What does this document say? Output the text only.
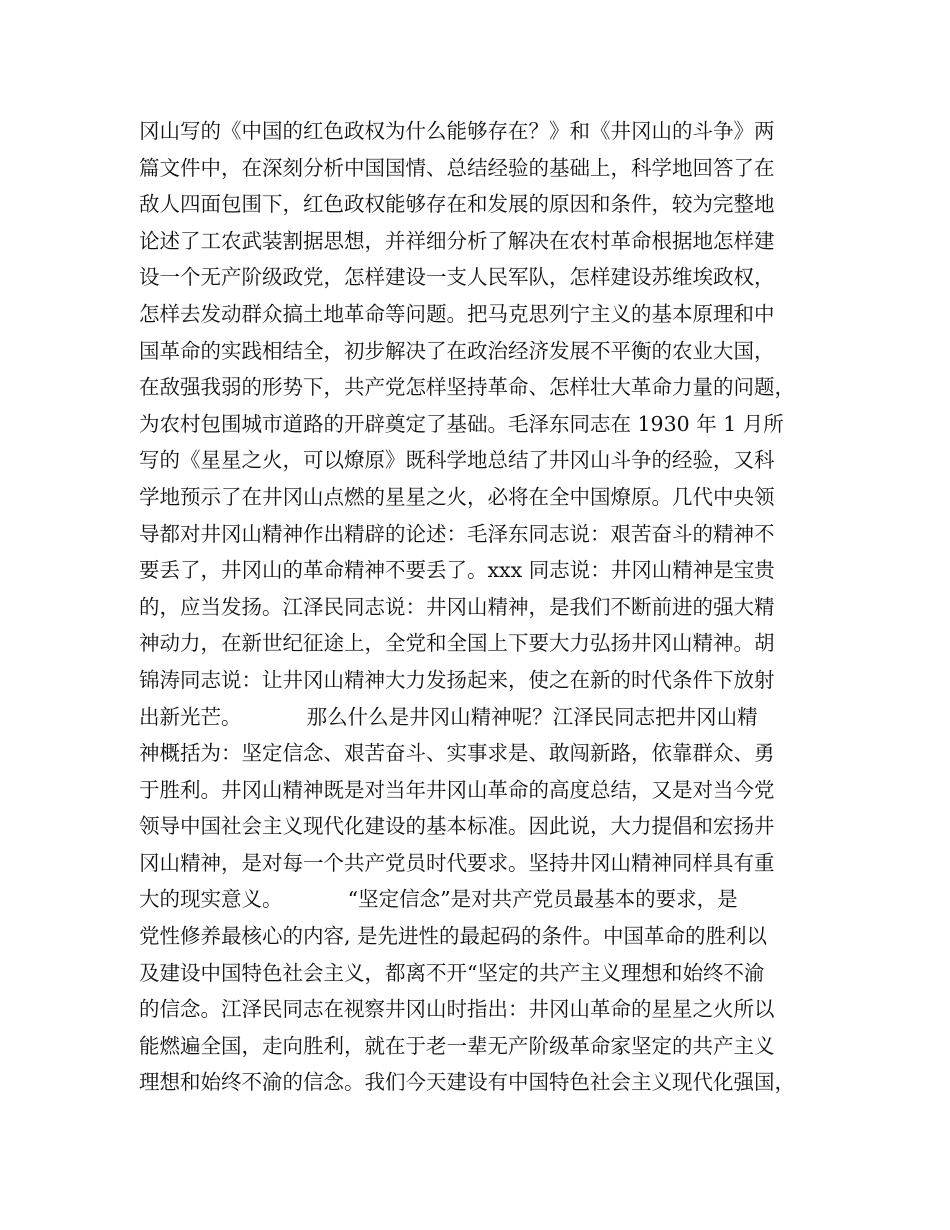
冈山写的《中国的红色政权为什么能够存在？》和《井冈山的斗争》两
篇文件中，在深刻分析中国国情、总结经验的基础上，科学地回答了在
敌人四面包围下，红色政权能够存在和发展的原因和条件，较为完整地
论述了工农武装割据思想，并祥细分析了解决在农村革命根据地怎样建
设一个无产阶级政党，怎样建设一支人民军队，怎样建设苏维埃政权，
怎样去发动群众搞土地革命等问题。把马克思列宁主义的基本原理和中
国革命的实践相结全，初步解决了在政治经济发展不平衡的农业大国，
在敌强我弱的形势下，共产党怎样坚持革命、怎样壮大革命力量的问题，
为农村包围城市道路的开辟奠定了基础。毛泽东同志在 1930 年 1 月所
写的《星星之火，可以燎原》既科学地总结了井冈山斗争的经验，又科
学地预示了在井冈山点燃的星星之火，必将在全中国燎原。几代中央领
导都对井冈山精神作出精辟的论述：毛泽东同志说：艰苦奋斗的精神不
要丢了，井冈山的革命精神不要丢了。xxx 同志说：井冈山精神是宝贵
的，应当发扬。江泽民同志说：井冈山精神，是我们不断前进的强大精
神动力，在新世纪征途上，全党和全国上下要大力弘扬井冈山精神。胡
锦涛同志说：让井冈山精神大力发扬起来，使之在新的时代条件下放射
出新光芒。          那么什么是井冈山精神呢？江泽民同志把井冈山精
神概括为：坚定信念、艰苦奋斗、实事求是、敢闯新路，依靠群众、勇
于胜利。井冈山精神既是对当年井冈山革命的高度总结，又是对当今党
领导中国社会主义现代化建设的基本标准。因此说，大力提倡和宏扬井
冈山精神，是对每一个共产党员时代要求。坚持井冈山精神同样具有重
大的现实意义。          “坚定信念”是对共产党员最基本的要求，是
党性修养最核心的内容, 是先进性的最起码的条件。中国革命的胜利以
及建设中国特色社会主义，都离不开“坚定的共产主义理想和始终不渝
的信念。江泽民同志在视察井冈山时指出：井冈山革命的星星之火所以
能燃遍全国，走向胜利，就在于老一辈无产阶级革命家坚定的共产主义
理想和始终不渝的信念。我们今天建设有中国特色社会主义现代化强国，
